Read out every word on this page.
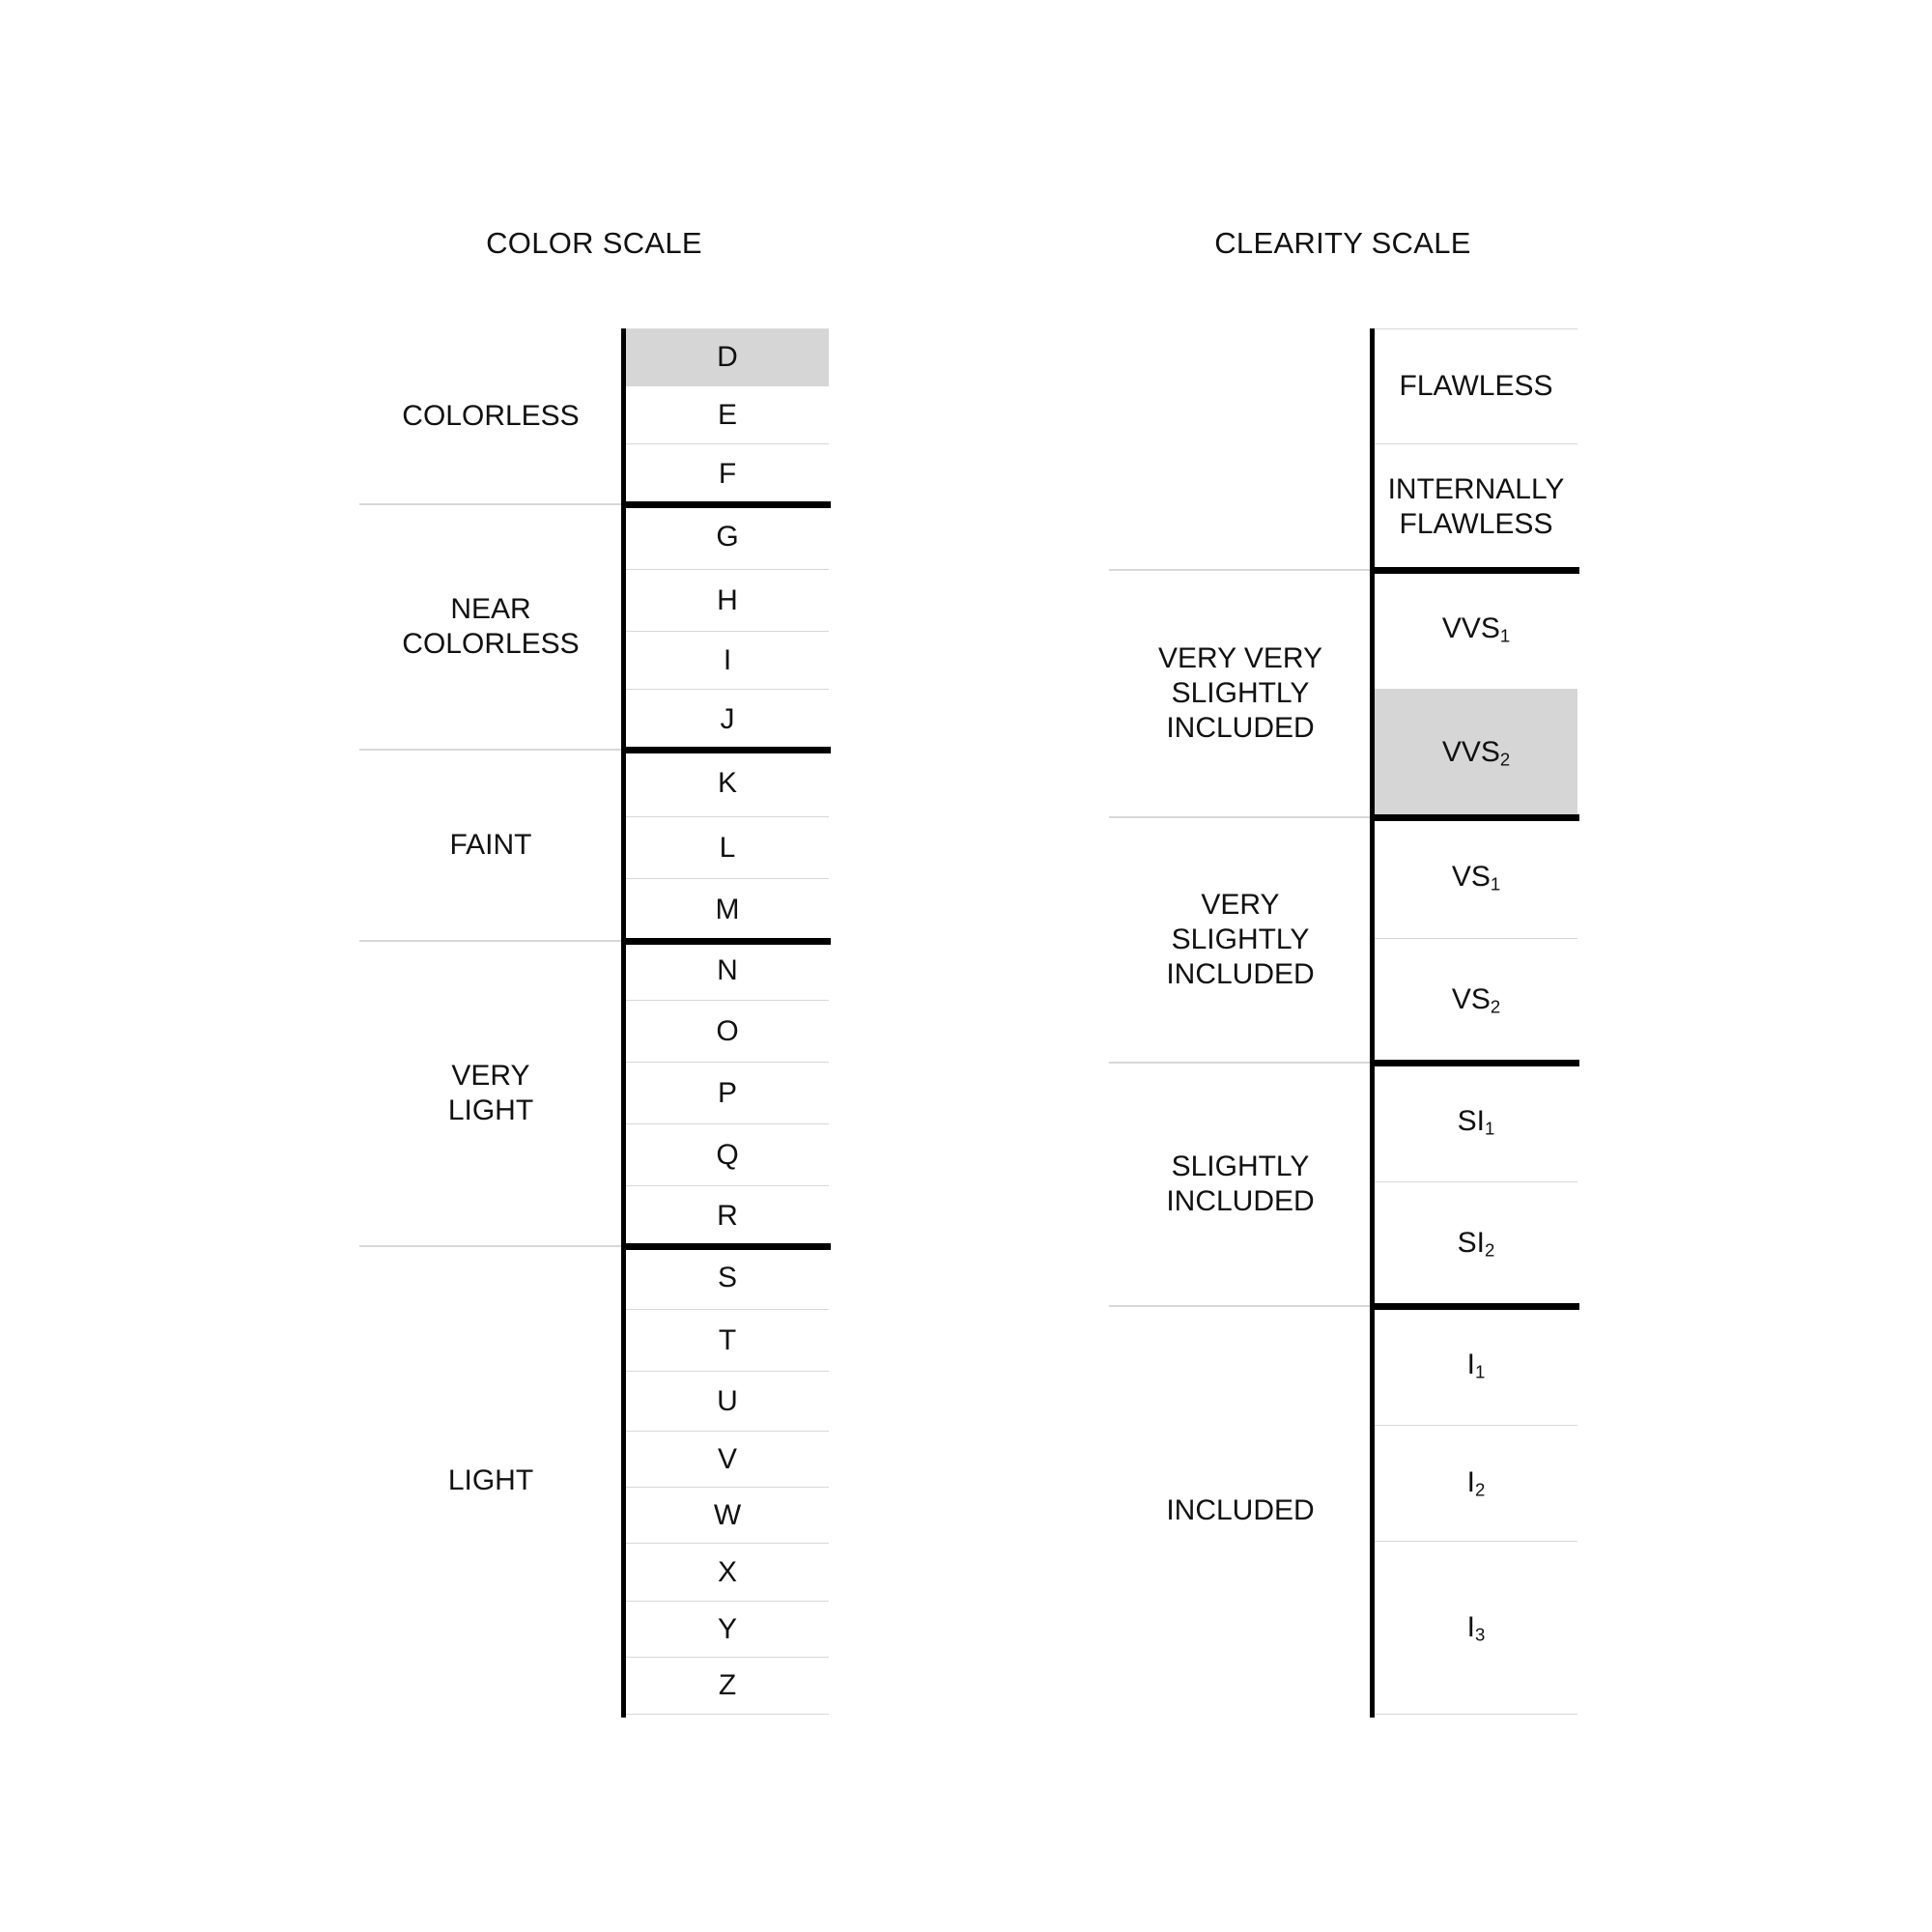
COLOR SCALE	CLEARITY SCALE
COLORLESS
D
E
F
NEAR
COLORLESS
G
H
I
J
FAINT
K
L
M
VERY
LIGHT
N
O
P
Q
R
LIGHT
S
T
U
V
W
X
Y
Z
FLAWLESS
INTERNALLY
FLAWLESS
VERY VERY
SLIGHTLY
INCLUDED
$VVS_1$
$VVS_2$
VERY
SLIGHTLY
INCLUDED
$VS_1$
$VS_2$
SLIGHTLY
INCLUDED
$SI_1$
$SI_2$
INCLUDED
$I_1$
$I_2$
$I_3$
